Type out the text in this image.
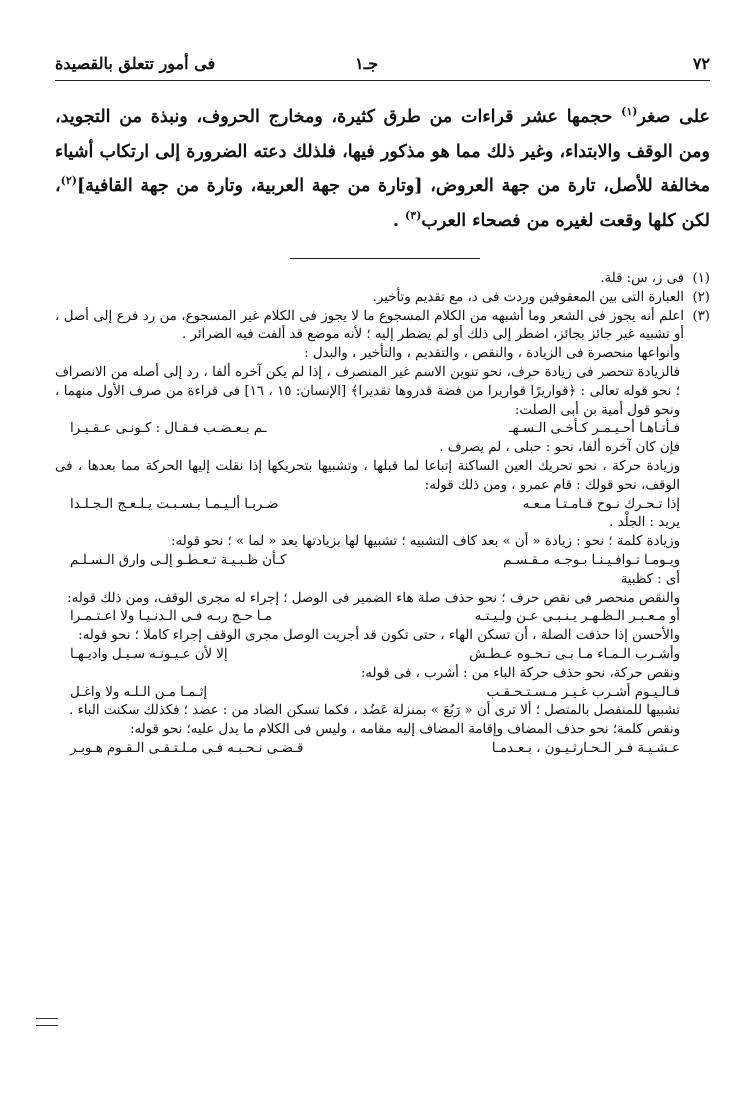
٧٢
جـ١
فى أمور تتعلق بالقصيدة

على صغر$^{(١)}$ حجمها عشر قراءات من طرق كثيرة، ومخارج الحروف، ونبذة من التجويد، ومن الوقف والابتداء، وغير ذلك مما هو مذكور فيها، فلذلك دعته الضرورة إلى ارتكاب أشياء مخالفة للأصل، تارة من جهة العروض، [وتارة من جهة العربية، وتارة من جهة القافية]$^{(٢)}$، لكن كلها وقعت لغيره من فصحاء العرب$^{(٣)}$ .

(١)
فى ز، س: قلة.
(٢)
العبارة التى بين المعقوفين وردت فى د، مع تقديم وتأخير.
(٣)
اعلم أنه يجوز فى الشعر وما أشبهه من الكلام المسجوع ما لا يجوز فى الكلام غير المسجوع، من رد فرع إلى أصل ، أو تشبيه غير جائز بجائز، اضطر إلى ذلك أو لم يضطر إليه ؛ لأنه موضع قد ألفت فيه الضرائر .

وأنواعها منحصرة فى الزيادة ، والنقص ، والتقديم ، والتأخير ، والبدل :

فالزيادة تنحصر فى زيادة حرف، نحو تنوين الاسم غير المنصرف ، إذا لم يكن آخره ألفا ، رد إلى أصله من الانصراف ؛ نحو قوله تعالى : ﴿قواريرًا قواريرا من فضة قدروها تقديرا﴾ [الإنسان: ١٥ ، ١٦] فى قراءة من صرف الأول منهما ، ونحو قول أمية بن أبى الصلت:

فـأتـاهـا أحـيـمـر كـأخـى الـسـهـ
ـم بـعـضـب فـقـال : كـونـى عـقـيـرا

فإن كان آخره ألفا، نحو : حبلى ، لم يصرف .

وزيادة حركة ، نحو تحريك العين الساكنة إتباعا لما قبلها ، وتشبيها بتحريكها إذا نقلت إليها الحركة مما بعدها ، فى الوقف، نحو قولك : قام عمرو ، ومن ذلك قوله:

إذا تـحـرك نـوح قـامـتـا مـعـه
ضـربـا ألـيـمـا بـسـبـت يـلـعـج الـجـلـدا

يريد : الجلْد .

وزيادة كلمة ؛ نحو : زيادة « أن » بعد كاف التشبيه ؛ تشبيها لها بزيادتها بعد « لما » ؛ نحو قوله:

ويـومـا تـوافـيـنـا بـوجـه مـقـسـم
كـأن ظـبـيـة تـعـطـو إلـى وارق الـسـلـم

أى : كظبية

والنقص منحصر فى نقص حرف ؛ نحو حذف صلة هاء الضمير فى الوصل ؛ إجراء له مجرى الوقف، ومن ذلك قوله:

أو مـعـبـر الـظـهـر يـنـبـى عـن ولـيـتـه
مـا حـج ربـه فـى الـدنـيـا ولا اعـتـمـرا

والأحسن إذا حذفت الصلة ، أن تسكن الهاء ، حتى تكون قد أجريت الوصل مجرى الوقف إجراء كاملا ؛ نحو قوله:

وأشـرب الـمـاء مـا بـى نـحـوه عـطـش
إلا لأن عـيـونـه سـيـل واديـهـا

ونقص حركة، نحو حذف حركة الباء من : أشرب ، فى قوله:

فـالـيـوم أشـرب غـيـر مـسـتـحـقـب
إثـمـا مـن الـلـه ولا واغـل

تشبيها للمنفصل بالمتصل ؛ ألا ترى أن « رَبُعَ » بمنزلة عَضُد ، فكما تسكن الضاد من : عضد ؛ فكذلك سكنت الباء .

ونقص كلمة؛ نحو حذف المضاف وإقامة المضاف إليه مقامه ، وليس فى الكلام ما يدل عليه؛ نحو قوله:

عـشـيـة فـر الـحـارثـيـون ، بـعـدمـا
قـضـى نـحـبـه فـى مـلـتـقـى الـقـوم هـوبـر
